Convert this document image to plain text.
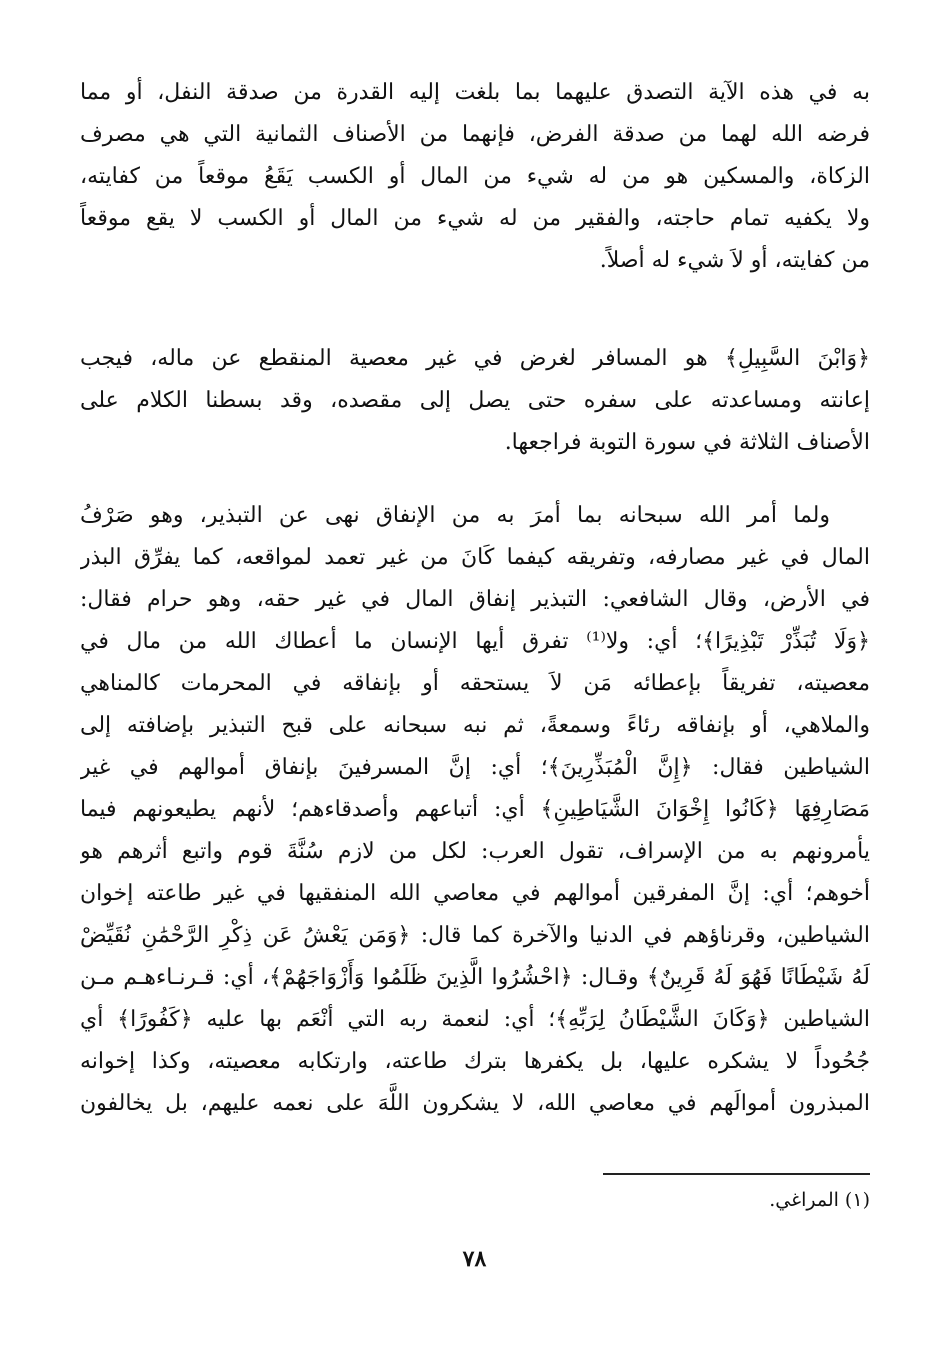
به في هذه الآية التصدق عليهما بما بلغت إليه القدرة من صدقة النفل، أو مما
فرضه الله لهما من صدقة الفرض، فإنهما من الأصناف الثمانية التي هي مصرف
الزكاة، والمسكين هو من له شيء من المال أو الكسب يَقَعُ موقعاً من كفايته،
ولا يكفيه تمام حاجته، والفقير من له شيء من المال أو الكسب لا يقع موقعاً
من كفايته، أو لاَ شيء له أصلاً.
﴿وَابْنَ السَّبِيلِ﴾ هو المسافر لغرض في غير معصية المنقطع عن ماله، فيجب
إعانته ومساعدته على سفره حتى يصل إلى مقصده، وقد بسطنا الكلام على
الأصناف الثلاثة في سورة التوبة فراجعها.
ولما أمر الله سبحانه بما أمرَ به من الإنفاق نهى عن التبذير، وهو صَرْفُ
المال في غير مصارفه، وتفريقه كيفما كَانَ من غير تعمد لمواقعه، كما يفرِّق البذر
في الأرض، وقال الشافعي: التبذير إنفاق المال في غير حقه، وهو حرام فقال:
﴿وَلَا تُبَذِّرْ تَبْذِيرًا﴾؛ أي: ولا⁽¹⁾ تفرق أيها الإنسان ما أعطاك الله من مال في
معصيته، تفريقاً بإعطائه مَن لاَ يستحقه أو بإنفاقه في المحرمات كالمناهي
والملاهي، أو بإنفاقه رئاءً وسمعةً، ثم نبه سبحانه على قبح التبذير بإضافته إلى
الشياطين فقال: ﴿إِنَّ الْمُبَذِّرِينَ﴾؛ أي: إنَّ المسرفينَ بإنفاق أموالهم في غير
مَصَارِفِهَا ﴿كَانُوا إِخْوَانَ الشَّيَاطِينِ﴾ أي: أتباعهم وأصدقاءهم؛ لأنهم يطيعونهم فيما
يأمرونهم به من الإسراف، تقول العرب: لكل من لازم سُنَّةَ قوم واتبع أثرهم هو
أخوهم؛ أي: إنَّ المفرقين أموالهم في معاصي الله المنفقيها في غير طاعته إخوان
الشياطين، وقرناؤهم في الدنيا والآخرة كما قال: ﴿وَمَن يَعْشُ عَن ذِكْرِ الرَّحْمَٰنِ نُقَيِّضْ
لَهُ شَيْطَانًا فَهُوَ لَهُ قَرِينٌ﴾ وقـال: ﴿احْشُرُوا الَّذِينَ ظَلَمُوا وَأَزْوَاجَهُمْ﴾، أي: قـرنـاءهـم مـن
الشياطين ﴿وَكَانَ الشَّيْطَانُ لِرَبِّهِ﴾؛ أي: لنعمة ربه التي أنْعَم بها عليه ﴿كَفُورًا﴾ أي
جُحُوداً لا يشكره عليها، بل يكفرها بترك طاعته، وارتكابه معصيته، وكذا إخوانه
المبذرون أموالَهم في معاصي الله، لا يشكرون اللَّهَ على نعمه عليهم، بل يخالفون
(١) المراغي.
٧٨
